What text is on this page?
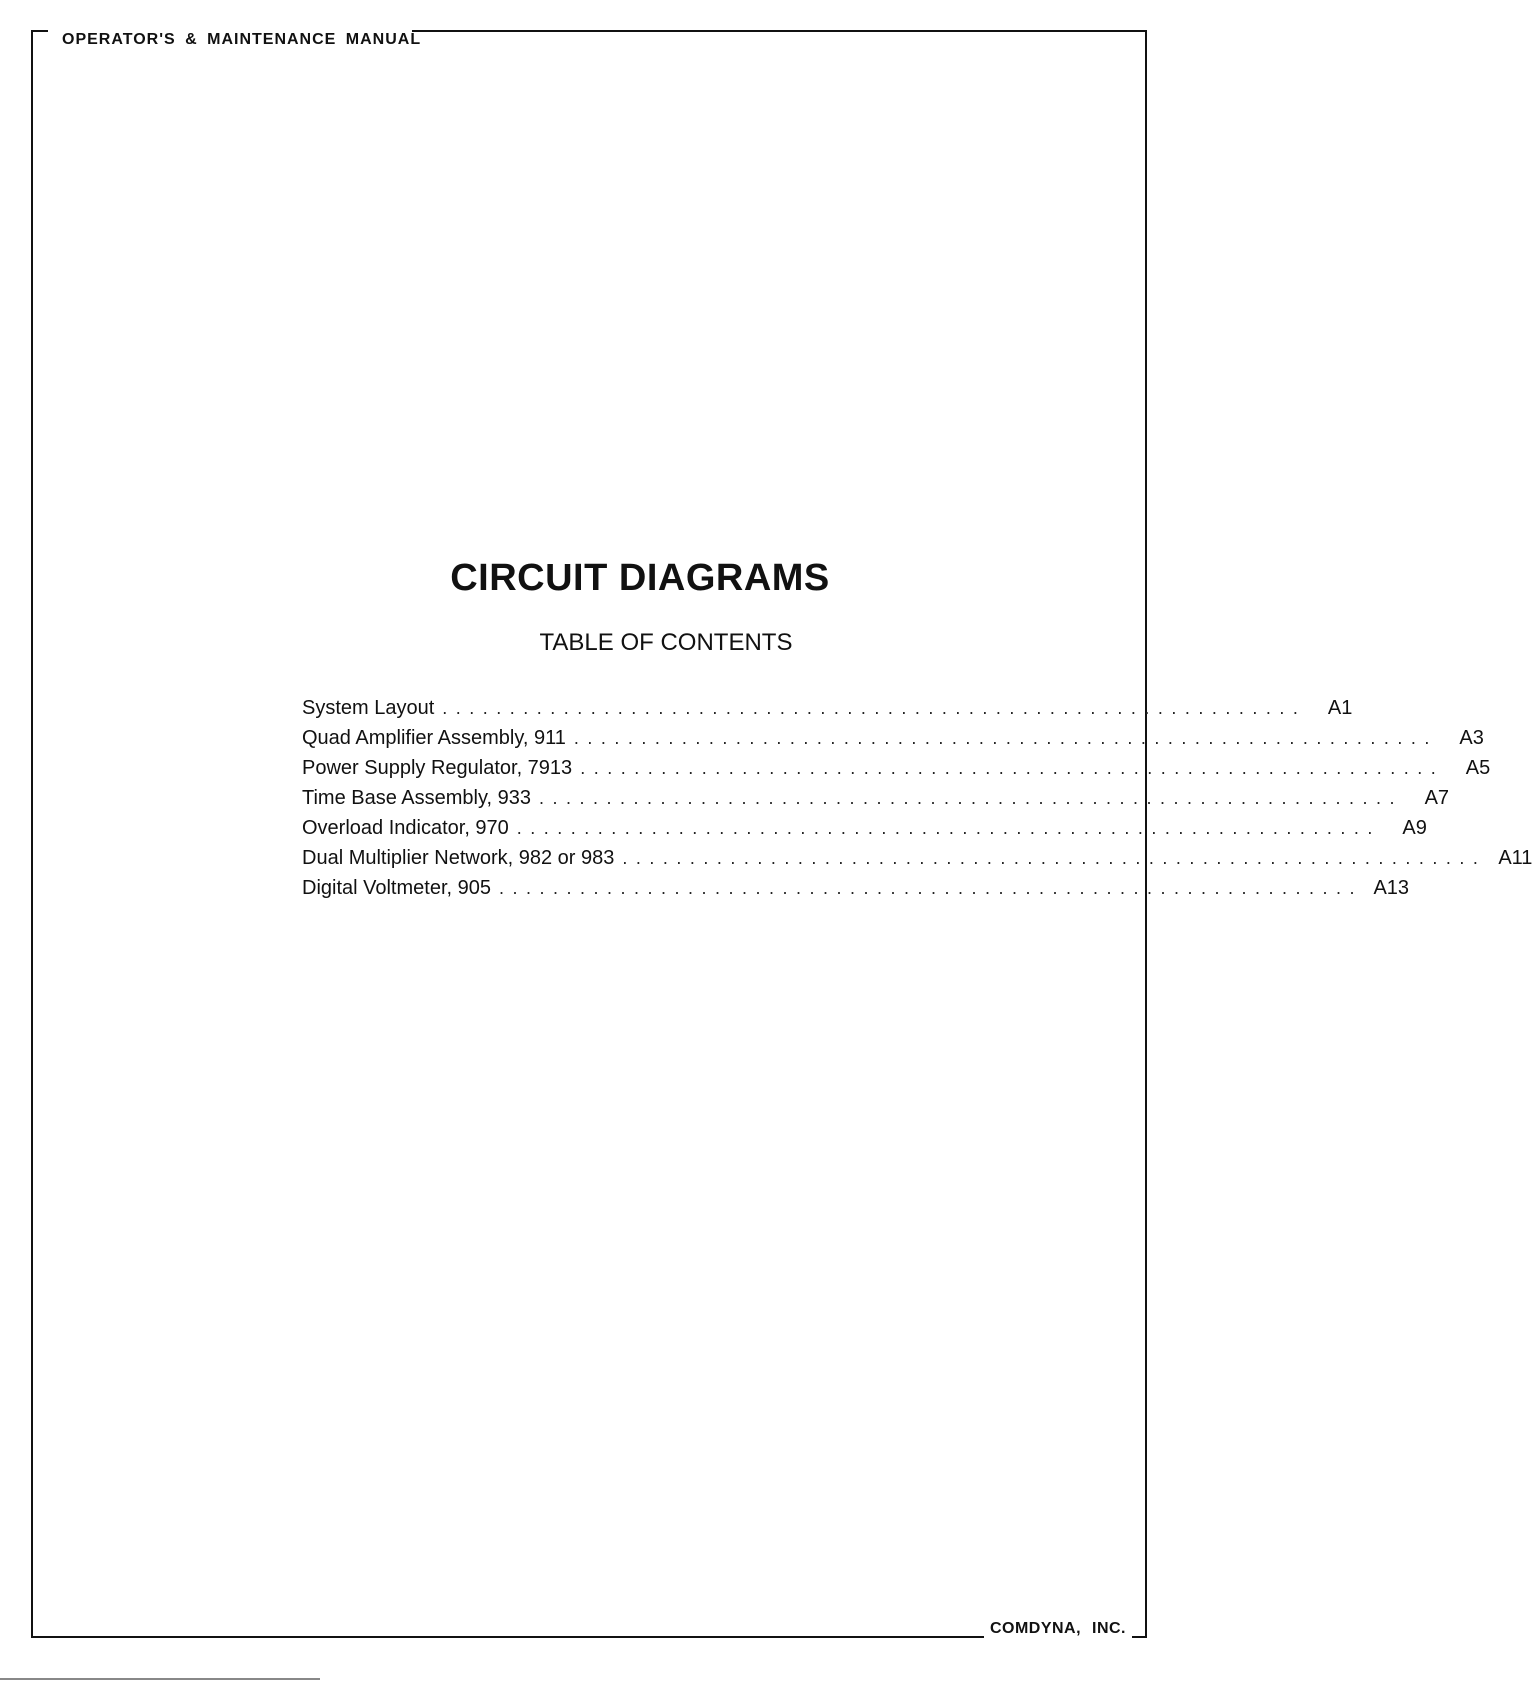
OPERATOR'S & MAINTENANCE MANUAL
COMDYNA, INC.
CIRCUIT DIAGRAMS
TABLE OF CONTENTS
System Layout ................................................................	A1
Quad Amplifier Assembly, 911 ................................................................	A3
Power Supply Regulator, 7913 ................................................................	A5
Time Base Assembly, 933 ................................................................	A7
Overload Indicator, 970 ................................................................	A9
Dual Multiplier Network, 982 or 983 ................................................................ A11
Digital Voltmeter, 905 ................................................................ A13
